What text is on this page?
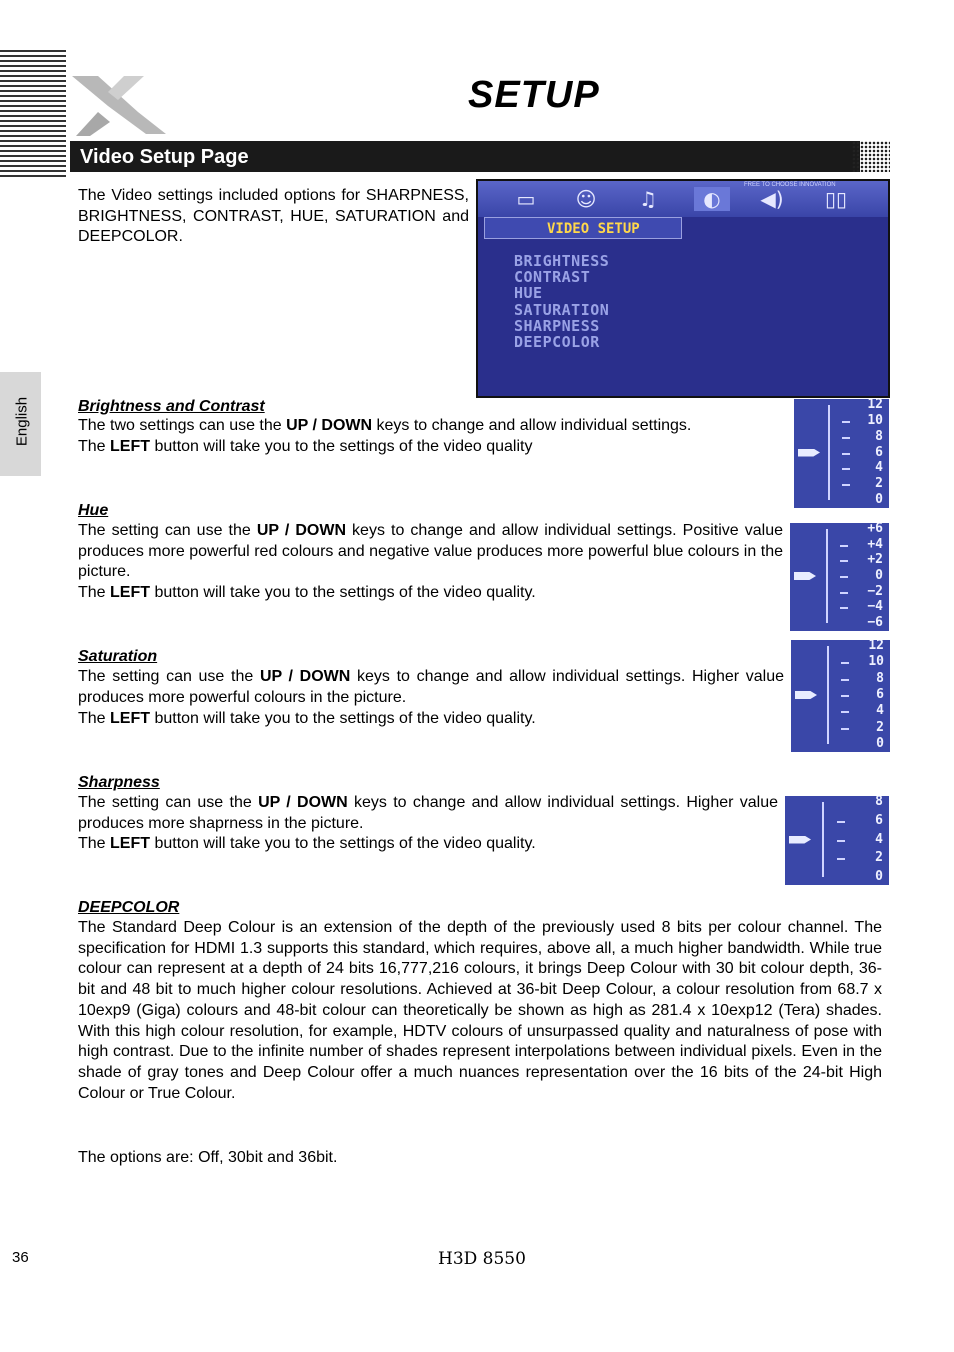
SETUP
Video Setup Page
English

The Video settings included options for SHARPNESS, BRIGHTNESS, CONTRAST, HUE, SATURATION and DEEPCOLOR.

▭	☺	♫	◐	◀)	▯▯
FREE TO CHOOSE INNOVATION
VIDEO SETUP
BRIGHTNESS
CONTRAST
HUE
SATURATION
SHARPNESS
DEEPCOLOR
Brightness and Contrast

The two settings can use the UP / DOWN keys to change and allow individual settings.
The LEFT button will take you to the settings of the video quality

12
10
8
6
4
2
0
Hue

The setting can use the UP / DOWN keys to change and allow individual settings. Positive value produces more powerful red colours and negative value produces more powerful blue colours in the picture.

The LEFT button will take you to the settings of the video quality.

+6
+4
+2
0
−2
−4
−6
Saturation

The setting can use the UP / DOWN keys to change and allow individual settings. Higher value produces more powerful colours in the picture.

The LEFT button will take you to the settings of the video quality.

12
10
8
6
4
2
0
Sharpness

The setting can use the UP / DOWN keys to change and allow individual settings. Higher value produces more shaprness in the picture.

The LEFT button will take you to the settings of the video quality.

8
6
4
2
0
DEEPCOLOR

The Standard Deep Colour is an extension of the depth of the previously used 8 bits per colour channel. The specification for HDMI 1.3 supports this standard, which requires, above all, a much higher bandwidth. While true colour can represent at a depth of 24 bits 16,777,216 colours, it brings Deep Colour with 30 bit colour depth, 36-bit and 48 bit to much higher colour resolutions. Achieved at 36-bit Deep Colour, a colour resolution from 68.7 x 10exp9 (Giga) colours and 48-bit colour can theoretically be shown as high as 281.4 x 10exp12 (Tera) shades. With this high colour resolution, for example, HDTV colours of unsurpassed quality and naturalness of pose with high contrast. Due to the infinite number of shades represent interpolations between individual pixels. Even in the shade of gray tones and Deep Colour offer a much nuances representation over the 16 bits of the 24-bit High Colour or True Colour.

The options are: Off, 30bit and 36bit.

36	H3D 8550
